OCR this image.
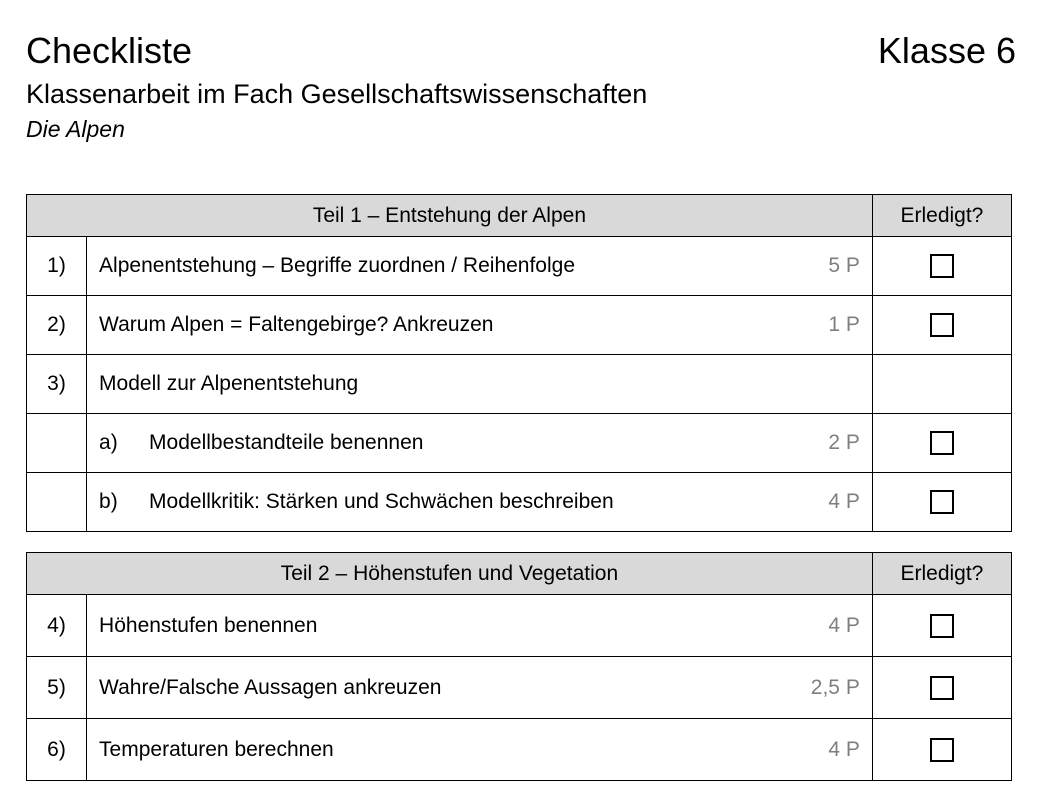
Checkliste	Klasse 6
Klassenarbeit im Fach Gesellschaftswissenschaften
Die Alpen
Teil 1 – Entstehung der Alpen		Erledigt?
1)	Alpenentstehung – Begriffe zuordnen / Reihenfolge 5 P	

2)	Warum Alpen = Faltengebirge? Ankreuzen 1 P	

3)	Modell zur Alpenentstehung	

	a) Modellbestandteile benennen 2 P	

	b) Modellkritik: Stärken und Schwächen beschreiben 4 P	

Teil 2 – Höhenstufen und Vegetation		Erledigt?
4)	Höhenstufen benennen 4 P	

5)	Wahre/Falsche Aussagen ankreuzen 2,5 P	

6)	Temperaturen berechnen 4 P	
